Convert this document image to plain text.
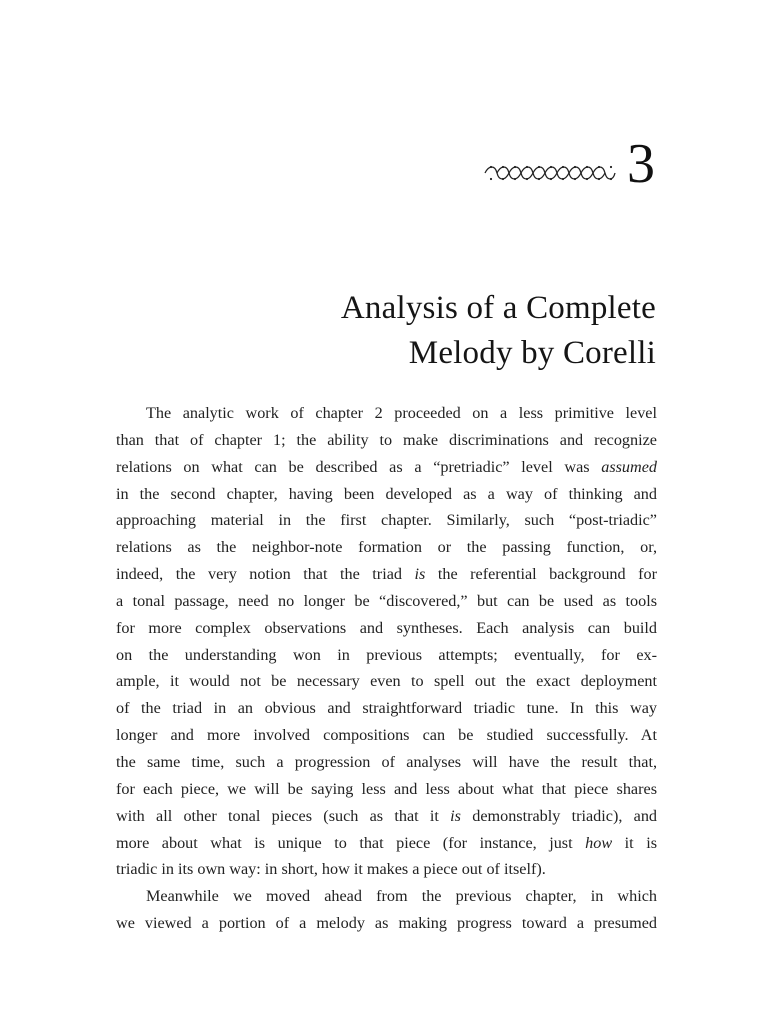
3
Analysis of a Complete
Melody by Corelli
The analytic work of chapter 2 proceeded on a less primitive level
than that of chapter 1; the ability to make discriminations and recognize
relations on what can be described as a “pretriadic” level was assumed
in the second chapter, having been developed as a way of thinking and
approaching material in the first chapter. Similarly, such “post-triadic”
relations as the neighbor-note formation or the passing function, or,
indeed, the very notion that the triad is the referential background for
a tonal passage, need no longer be “discovered,” but can be used as tools
for more complex observations and syntheses. Each analysis can build
on the understanding won in previous attempts; eventually, for ex-
ample, it would not be necessary even to spell out the exact deployment
of the triad in an obvious and straightforward triadic tune. In this way
longer and more involved compositions can be studied successfully. At
the same time, such a progression of analyses will have the result that,
for each piece, we will be saying less and less about what that piece shares
with all other tonal pieces (such as that it is demonstrably triadic), and
more about what is unique to that piece (for instance, just how it is
triadic in its own way: in short, how it makes a piece out of itself).
Meanwhile we moved ahead from the previous chapter, in which
we viewed a portion of a melody as making progress toward a presumed
